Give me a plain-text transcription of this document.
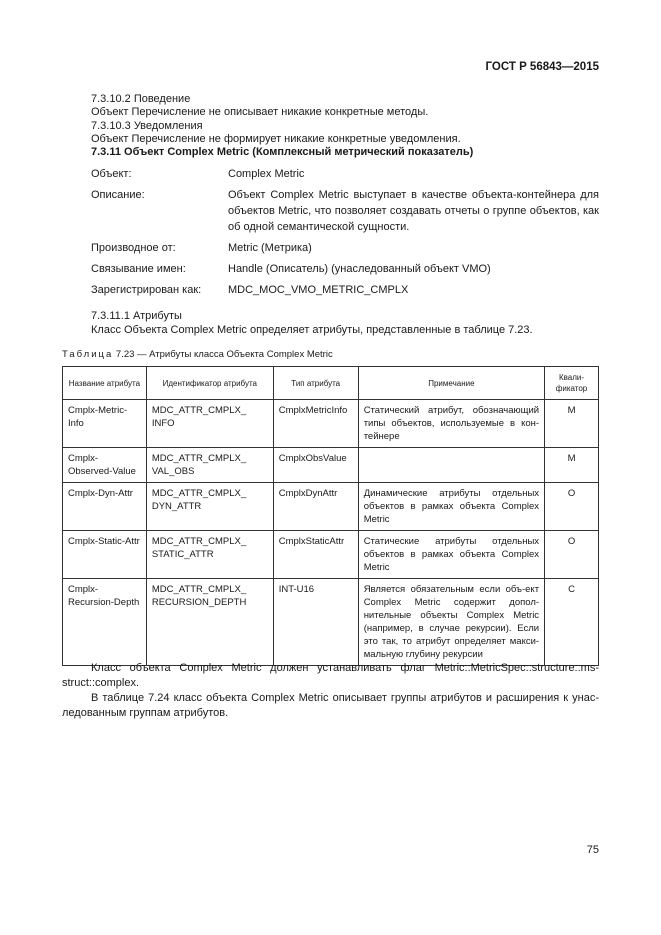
ГОСТ Р 56843—2015
7.3.10.2 Поведение
Объект Перечисление не описывает никакие конкретные методы.
7.3.10.3 Уведомления
Объект Перечисление не формирует никакие конкретные уведомления.
7.3.11 Объект Complex Metric (Комплексный метрический показатель)
Объект:	Complex Metric
Описание:	Объект Complex Metric выступает в качестве объекта-контейнера для объектов Metric, что позволяет создавать отчеты о группе объектов, как об одной семантической сущности.
Производное от:	Metric (Метрика)
Связывание имен:	Handle (Описатель) (унаследованный объект VMO)
Зарегистрирован как:	MDC_MOC_VMO_METRIC_CMPLX
7.3.11.1 Атрибуты
Класс Объекта Complex Metric определяет атрибуты, представленные в таблице 7.23.
Таблица 7.23 — Атрибуты класса Объекта Complex Metric
Название атрибута	Идентификатор атрибута	Тип атрибута	Примечание	Квали-фикатор
Cmplx-Metric-Info	MDC_ATTR_CMPLX_ INFO	CmplxMetricInfo	Статический атрибут, обозначающий типы объектов, используемые в кон-тейнере	M
Cmplx-Observed-Value	MDC_ATTR_CMPLX_ VAL_OBS	CmplxObsValue		M
Cmplx-Dyn-Attr	MDC_ATTR_CMPLX_ DYN_ATTR	CmplxDynAttr	Динамические атрибуты отдельных объектов в рамках объекта Complex Metric	O
Cmplx-Static-Attr	MDC_ATTR_CMPLX_ STATIC_ATTR	CmplxStaticAttr	Статические атрибуты отдельных объектов в рамках объекта Complex Metric	O
Cmplx-Recursion-Depth	MDC_ATTR_CMPLX_ RECURSION_DEPTH	INT-U16	Является обязательным если объ-ект Complex Metric содержит допол-нительные объекты Complex Metric (например, в случае рекурсии). Если это так, то атрибут определяет макси-мальную глубину рекурсии	C
Класс объекта Complex Metric должен устанавливать флаг Metric::MetricSpec::structure::ms-struct::complex.
В таблице 7.24 класс объекта Complex Metric описывает группы атрибутов и расширения к унас-ледованным группам атрибутов.
75
